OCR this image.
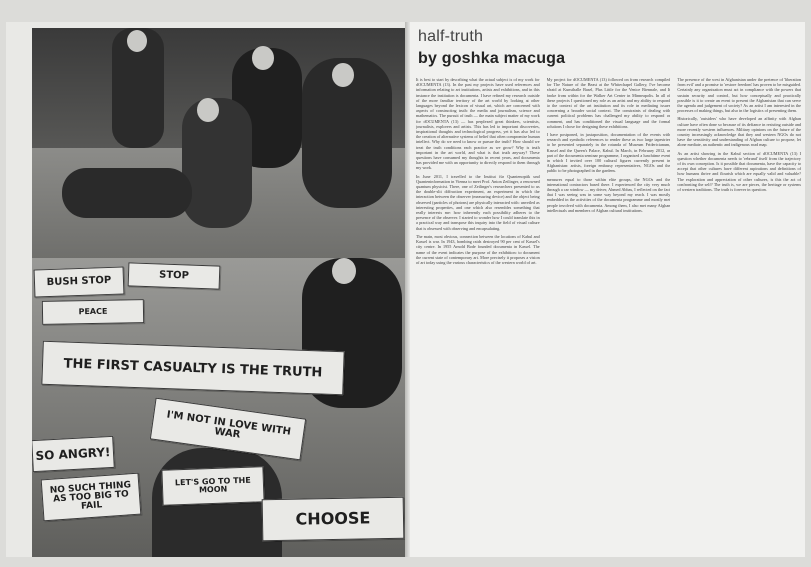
BUSH STOP	STOP
PEACE
THE FIRST CASUALTY IS THE TRUTH
I'M NOT IN LOVE WITH WAR
SO ANGRY!
NO SUCH THING AS TOO BIG TO FAIL
LET'S GO TO THE MOON
CHOOSE
half-truth
by goshka macuga

It is best to start by describing what the actual subject is of my work for dOCUMENTA (13). In the past my projects have used references and information relating to art institutions, artists and exhibitions, and in this instance the institution is documenta. I have refined my research outside of the more familiar territory of the art world by looking at other languages beyond the lexicon of visual art, which are concerned with aspects of constructing truth: the media and journalism, science and mathematics. The pursuit of truth — the main subject matter of my work for dOCUMENTA (13) — has perplexed great thinkers, scientists, journalists, explorers and artists. This has led to important discoveries, inspirational thoughts and technological progress, yet it has also led to the creation of alternative systems of belief that often compromise human intellect. Why do we need to know or pursue the truth? How should we treat the truth conditions each practice as we grow? Why is truth important in the art world, and what is that truth anyway? These questions have consumed my thoughts in recent years, and documenta has provided me with an opportunity to directly respond to them through my work.

In June 2011, I travelled to the Institut für Quantenoptik und Quanteninformation in Vienna to meet Prof. Anton Zeilinger, a renowned quantum physicist. There, one of Zeilinger's researchers presented to us the double-slit diffraction experiment, an experiment in which the interaction between the observer (measuring device) and the object being observed (particles of photons) are physically interacted with: unveiled as interesting properties, and one which also resembles something that really interests me: how inherently each possibility adheres to the presence of the observer. I started to wonder how I could translate this in a practical way and transpose this inquiry into the field of visual culture that is obsessed with observing and encapsulating.

The main, most obvious, connection between the locations of Kabul and Kassel is war. In 1943, bombing raids destroyed 90 per cent of Kassel's city centre. In 1955 Arnold Bode founded documenta in Kassel. The name of the event indicates the purpose of the exhibition: to document the current state of contemporary art. More precisely it proposes a vision of art today using the various characteristics of the western world of art.

My project for dOCUMENTA (13) followed on from research compiled for The Nature of the Beast at the Whitechapel Gallery, I've become afraid at Kunsthalle Basel, Plus Little for the Venice Biennale, and It broke from within for the Walker Art Center in Minneapolis. In all of these projects I questioned my role as an artist and my ability to respond to the context of the art institution and its role in mediating issues concerning a broader social context. The constraints of dealing with current political problems has challenged my ability to respond or comment, and has conditioned the visual language and the formal solutions I chose for designing these exhibitions.

I have postponed, in juxtaposition, documentation of the events with research and symbolic references to render these as two large tapestries to be presented separately in the rotunda of Museum Fridericianum, Kassel and the Queen's Palace, Kabul. In March, in February 2012, as part of the documenta seminar programme, I organised a lunchtime event in which I invited over 100 cultural figures currently present in Afghanistan: artists, foreign embassy representatives, NGOs and the public to be photographed in the gardens.

measures equal to those within elite groups, the NGOs and the international contractors based there. I experienced the city very much through a car window — my driver, Ahmed Abbas, I reflected on the fact that I was seeing was in some way beyond my reach. I was mostly embedded in the activities of the documenta programme and mostly met people involved with documenta. Among them, I also met many Afghan intellectuals and members of Afghan cultural institutions.

The presence of the west in Afghanistan under the pretence of 'liberation from evil' and a promise to 'restore freedom' has proven to be misguided. Certainly any organisation must act in compliance with the powers that sustain security and control, but how conceptually and practically possible is it to create an event to present the Afghanistan that can serve the agenda and judgement of society? As an artist I am interested in the processes of making things, but also in the logistics of presenting them.

Historically, 'outsiders' who have developed an affinity with Afghan culture have often done so because of its defiance in resisting outside and more recently western influences. Military opinions on the future of the country increasingly acknowledge that they and western NGOs do not have the sensitivity and understanding of Afghan culture to propose, let alone mediate, an authentic and indigenous road map.

As an artist showing in the Kabul section of dOCUMENTA (13) I question whether documenta needs to 'rebrand' itself from the trajectory of its own conception. Is it possible that documenta, have the capacity to accept that other cultures have different aspirations and definitions of how humans thrive and flourish which are equally valid and valuable? The exploration and appreciation of other cultures, is this the act of confronting the self? The truth is, we are pieces, the heritage or systems of western traditions. The truth is forever in question.
